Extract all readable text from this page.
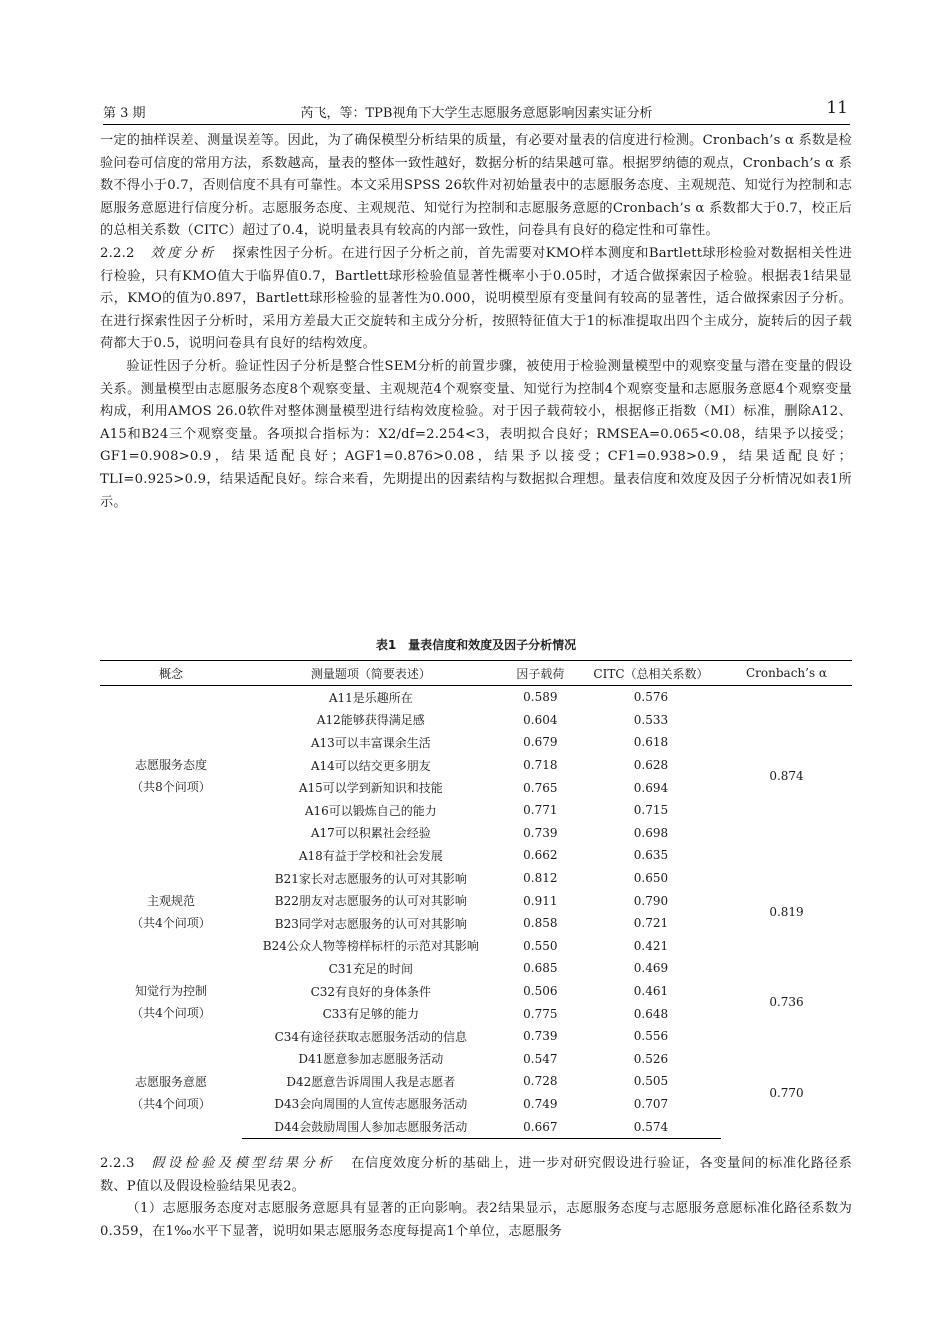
第 3 期	芮飞，等：TPB视角下大学生志愿服务意愿影响因素实证分析	11

一定的抽样误差、测量误差等。因此，为了确保模型分析结果的质量，有必要对量表的信度进行检测。Cronbach’s α 系数是检验问卷可信度的常用方法，系数越高，量表的整体一致性越好，数据分析的结果越可靠。根据罗纳德的观点，Cronbach’s α 系数不得小于0.7，否则信度不具有可靠性。本文采用SPSS 26软件对初始量表中的志愿服务态度、主观规范、知觉行为控制和志愿服务意愿进行信度分析。志愿服务态度、主观规范、知觉行为控制和志愿服务意愿的Cronbach’s α 系数都大于0.7，校正后的总相关系数（CITC）超过了0.4，说明量表具有较高的内部一致性，问卷具有良好的稳定性和可靠性。

2.2.2 效度分析 探索性因子分析。在进行因子分析之前，首先需要对KMO样本测度和Bartlett球形检验对数据相关性进行检验，只有KMO值大于临界值0.7，Bartlett球形检验值显著性概率小于0.05时，才适合做探索因子检验。根据表1结果显示，KMO的值为0.897，Bartlett球形检验的显著性为0.000，说明模型原有变量间有较高的显著性，适合做探索因子分析。在进行探索性因子分析时，采用方差最大正交旋转和主成分分析，按照特征值大于1的标准提取出四个主成分，旋转后的因子载荷都大于0.5，说明问卷具有良好的结构效度。

验证性因子分析。验证性因子分析是整合性SEM分析的前置步骤，被使用于检验测量模型中的观察变量与潜在变量的假设关系。测量模型由志愿服务态度8个观察变量、主观规范4个观察变量、知觉行为控制4个观察变量和志愿服务意愿4个观察变量构成，利用AMOS 26.0软件对整体测量模型进行结构效度检验。对于因子载荷较小，根据修正指数（MI）标准，删除A12、A15和B24三个观察变量。各项拟合指标为：X2/df=2.254<3，表明拟合良好；RMSEA=0.065<0.08，结果予以接受；GF1=0.908>0.9，结果适配良好；AGF1=0.876>0.08，结果予以接受；CF1=0.938>0.9，结果适配良好；TLI=0.925>0.9，结果适配良好。综合来看，先期提出的因素结构与数据拟合理想。量表信度和效度及因子分析情况如表1所示。

表1 量表信度和效度及因子分析情况
概念	测量题项（简要表述）	因子载荷	CITC（总相关系数）	Cronbach’s α

志愿服务态度
（共8个问项）	A11是乐趣所在	0.589	0.576	0.874
	A12能够获得满足感	0.604	0.533	
	A13可以丰富课余生活	0.679	0.618	
	A14可以结交更多朋友	0.718	0.628	
	A15可以学到新知识和技能	0.765	0.694	
	A16可以锻炼自己的能力	0.771	0.715	
	A17可以积累社会经验	0.739	0.698	
	A18有益于学校和社会发展	0.662	0.635	

主观规范
（共4个问项）	B21家长对志愿服务的认可对其影响	0.812	0.650	0.819
	B22朋友对志愿服务的认可对其影响	0.911	0.790	
	B23同学对志愿服务的认可对其影响	0.858	0.721	
	B24公众人物等榜样标杆的示范对其影响	0.550	0.421	

知觉行为控制
（共4个问项）	C31充足的时间	0.685	0.469	0.736
	C32有良好的身体条件	0.506	0.461	
	C33有足够的能力	0.775	0.648	
	C34有途径获取志愿服务活动的信息	0.739	0.556	

志愿服务意愿
（共4个问项）	D41愿意参加志愿服务活动	0.547	0.526	0.770
	D42愿意告诉周围人我是志愿者	0.728	0.505	
	D43会向周围的人宣传志愿服务活动	0.749	0.707	
	D44会鼓励周围人参加志愿服务活动	0.667	0.574	

2.2.3 假设检验及模型结果分析 在信度效度分析的基础上，进一步对研究假设进行验证，各变量间的标准化路径系数、P值以及假设检验结果见表2。

（1）志愿服务态度对志愿服务意愿具有显著的正向影响。表2结果显示，志愿服务态度与志愿服务意愿标准化路径系数为0.359，在1‰水平下显著，说明如果志愿服务态度每提高1个单位，志愿服务
